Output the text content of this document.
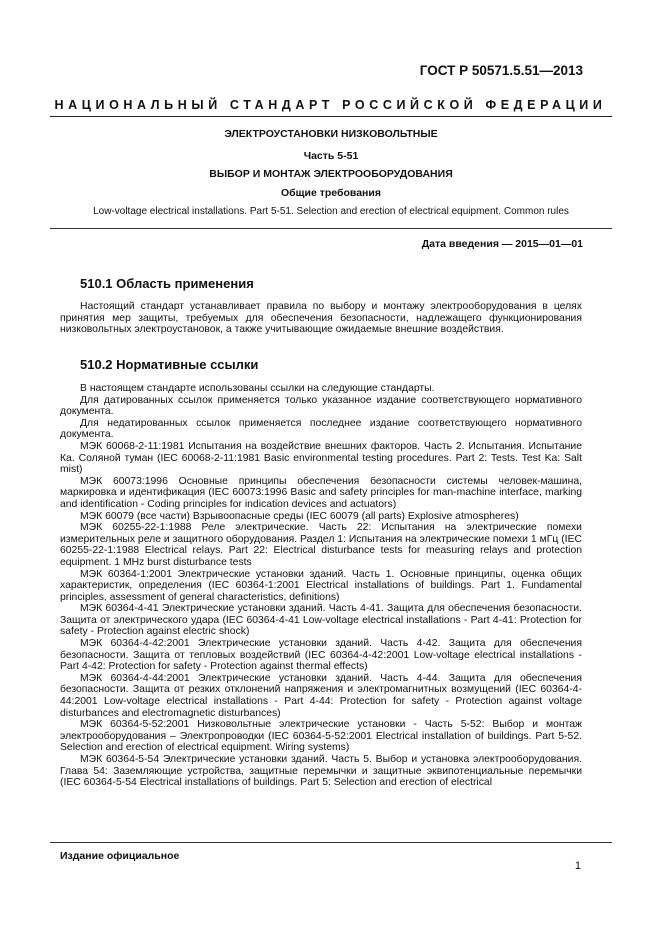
ГОСТ Р 50571.5.51—2013
НАЦИОНАЛЬНЫЙ СТАНДАРТ РОССИЙСКОЙ ФЕДЕРАЦИИ
ЭЛЕКТРОУСТАНОВКИ НИЗКОВОЛЬТНЫЕ
Часть 5-51
ВЫБОР И МОНТАЖ ЭЛЕКТРООБОРУДОВАНИЯ
Общие требования
Low-voltage electrical installations. Part 5-51. Selection and erection of electrical equipment. Common rules
Дата введения — 2015—01—01
510.1 Область применения

Настоящий стандарт устанавливает правила по выбору и монтажу электрооборудования в целях принятия мер защиты, требуемых для обеспечения безопасности, надлежащего функционирования низковольтных электроустановок, а также учитывающие ожидаемые внешние воздействия.

510.2 Нормативные ссылки

В настоящем стандарте использованы ссылки на следующие стандарты.

Для датированных ссылок применяется только указанное издание соответствующего нормативного документа.

Для недатированных ссылок применяется последнее издание соответствующего нормативного документа.

МЭК 60068-2-11:1981 Испытания на воздействие внешних факторов. Часть 2. Испытания. Испытание Ка. Соляной туман (IEC 60068-2-11:1981 Basic environmental testing procedures. Part 2: Tests. Test Ka: Salt mist)

МЭК 60073:1996 Основные принципы обеспечения безопасности системы человек-машина, маркировка и идентификация (IEC 60073:1996 Basic and safety principles for man-machine interface, marking and identification - Coding principles for indication devices and actuators)

МЭК 60079 (все части) Взрывоопасные среды (IEC 60079 (all parts) Explosive atmospheres)

МЭК 60255-22-1:1988 Реле электрические. Часть 22: Испытания на электрические помехи измерительных реле и защитного оборудования. Раздел 1: Испытания на электрические помехи 1 мГц (IEC 60255-22-1:1988 Electrical relays. Part 22: Electrical disturbance tests for measuring relays and protection equipment. 1 MHz burst disturbance tests

МЭК 60364-1:2001 Электрические установки зданий. Часть 1. Основные принципы, оценка общих характеристик, определения (IEC 60364-1:2001 Electrical installations of buildings. Part 1. Fundamental principles, assessment of general characteristics, definitions)

МЭК 60364-4-41 Электрические установки зданий. Часть 4-41. Защита для обеспечения безопасности. Защита от электрического удара (IEC 60364-4-41 Low-voltage electrical installations - Part 4-41: Protection for safety - Protection against electric shock)

МЭК 60364-4-42:2001 Электрические установки зданий. Часть 4-42. Защита для обеспечения безопасности. Защита от тепловых воздействий (IEC 60364-4-42:2001 Low-voltage electrical installations - Part 4-42: Protection for safety - Protection against thermal effects)

МЭК 60364-4-44:2001 Электрические установки зданий. Часть 4-44. Защита для обеспечения безопасности. Защита от резких отклонений напряжения и электромагнитных возмущений (IEC 60364-4-44:2001 Low-voltage electrical installations - Part 4-44: Protection for safety - Protection against voltage disturbances and electromagnetic disturbances)

МЭК 60364-5-52:2001 Низковольтные электрические установки - Часть 5-52: Выбор и монтаж электрооборудования – Электропроводки (IEC 60364-5-52:2001 Electrical installation of buildings. Part 5-52. Selection and erection of electrical equipment. Wiring systems)

МЭК 60364-5-54 Электрические установки зданий. Часть 5. Выбор и установка электрооборудования. Глава 54: Заземляющие устройства, защитные перемычки и защитные эквипотенциальные перемычки (IEC 60364-5-54 Electrical installations of buildings. Part 5: Selection and erection of electrical

Издание официальное
1
